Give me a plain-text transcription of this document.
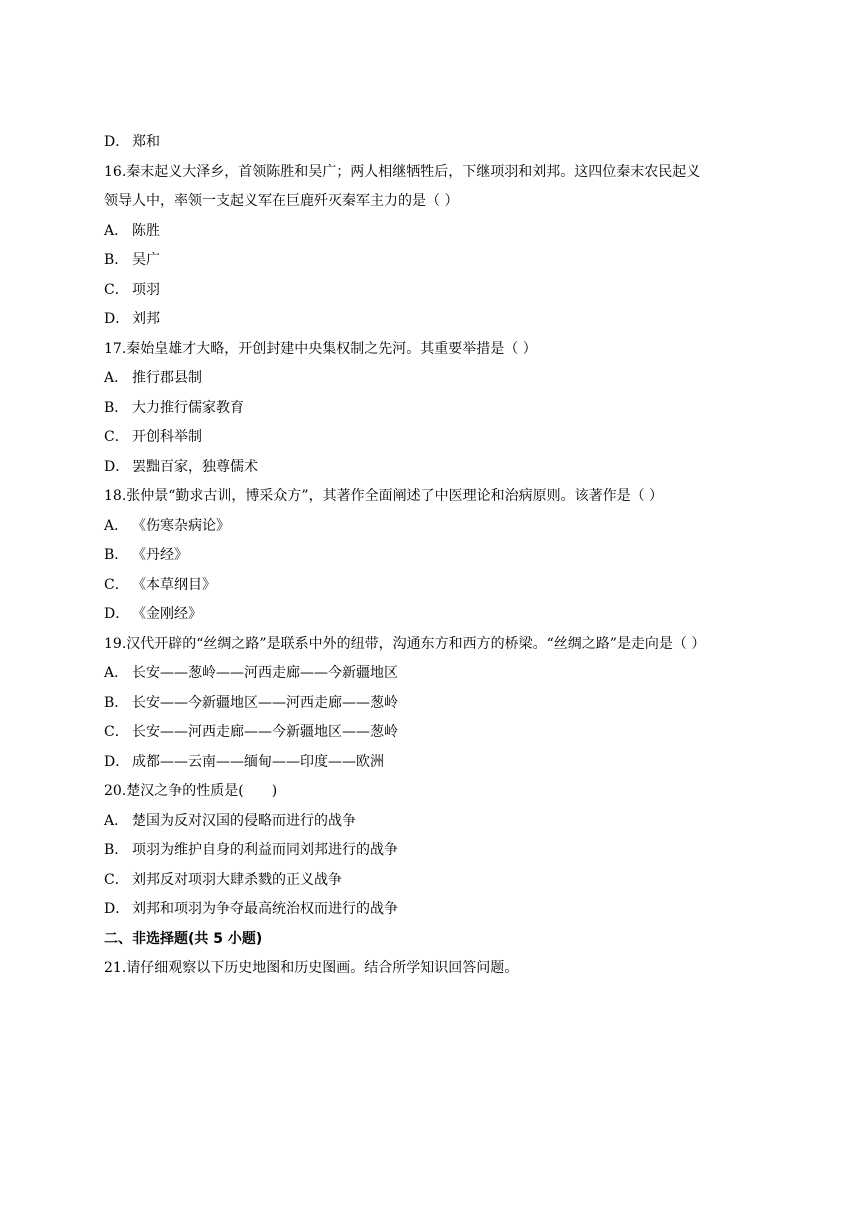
D． 郑和
16.秦末起义大泽乡，首领陈胜和吴广；两人相继牺牲后，下继项羽和刘邦。这四位秦末农民起义
领导人中，率领一支起义军在巨鹿歼灭秦军主力的是（ ）
A． 陈胜
B． 吴广
C． 项羽
D． 刘邦
17.秦始皇雄才大略，开创封建中央集权制之先河。其重要举措是（ ）
A． 推行郡县制
B． 大力推行儒家教育
C． 开创科举制
D． 罢黜百家，独尊儒术
18.张仲景“勤求古训，博采众方”，其著作全面阐述了中医理论和治病原则。该著作是（ ）
A． 《伤寒杂病论》
B． 《丹经》
C． 《本草纲目》
D． 《金刚经》
19.汉代开辟的“丝绸之路”是联系中外的纽带，沟通东方和西方的桥梁。“丝绸之路”是走向是（ ）
A． 长安——葱岭——河西走廊——今新疆地区
B． 长安——今新疆地区——河西走廊——葱岭
C． 长安——河西走廊——今新疆地区——葱岭
D． 成都——云南——缅甸——印度——欧洲
20.楚汉之争的性质是(　　)
A． 楚国为反对汉国的侵略而进行的战争
B． 项羽为维护自身的利益而同刘邦进行的战争
C． 刘邦反对项羽大肆杀戮的正义战争
D． 刘邦和项羽为争夺最高统治权而进行的战争
二、非选择题(共 5 小题)
21.请仔细观察以下历史地图和历史图画。结合所学知识回答问题。
